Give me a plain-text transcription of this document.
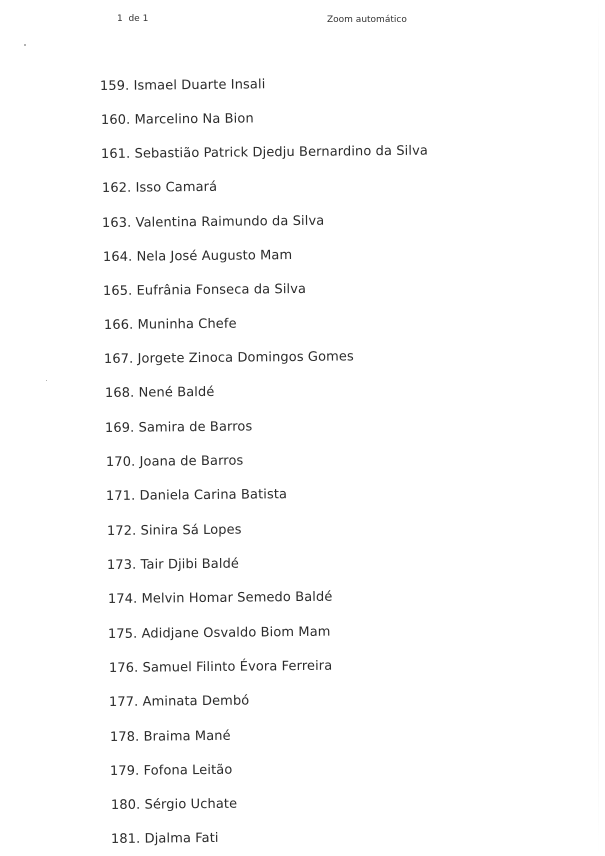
1 de 1	Zoom automático
159. Ismael Duarte Insali
160. Marcelino Na Bion
161. Sebastião Patrick Djedju Bernardino da Silva
162. Isso Camará
163. Valentina Raimundo da Silva
164. Nela José Augusto Mam
165. Eufrânia Fonseca da Silva
166. Muninha Chefe
167. Jorgete Zinoca Domingos Gomes
168. Nené Baldé
169. Samira de Barros
170. Joana de Barros
171. Daniela Carina Batista
172. Sinira Sá Lopes
173. Tair Djibi Baldé
174. Melvin Homar Semedo Baldé
175. Adidjane Osvaldo Biom Mam
176. Samuel Filinto Évora Ferreira
177. Aminata Dembó
178. Braima Mané
179. Fofona Leitão
180. Sérgio Uchate
181. Djalma Fati
